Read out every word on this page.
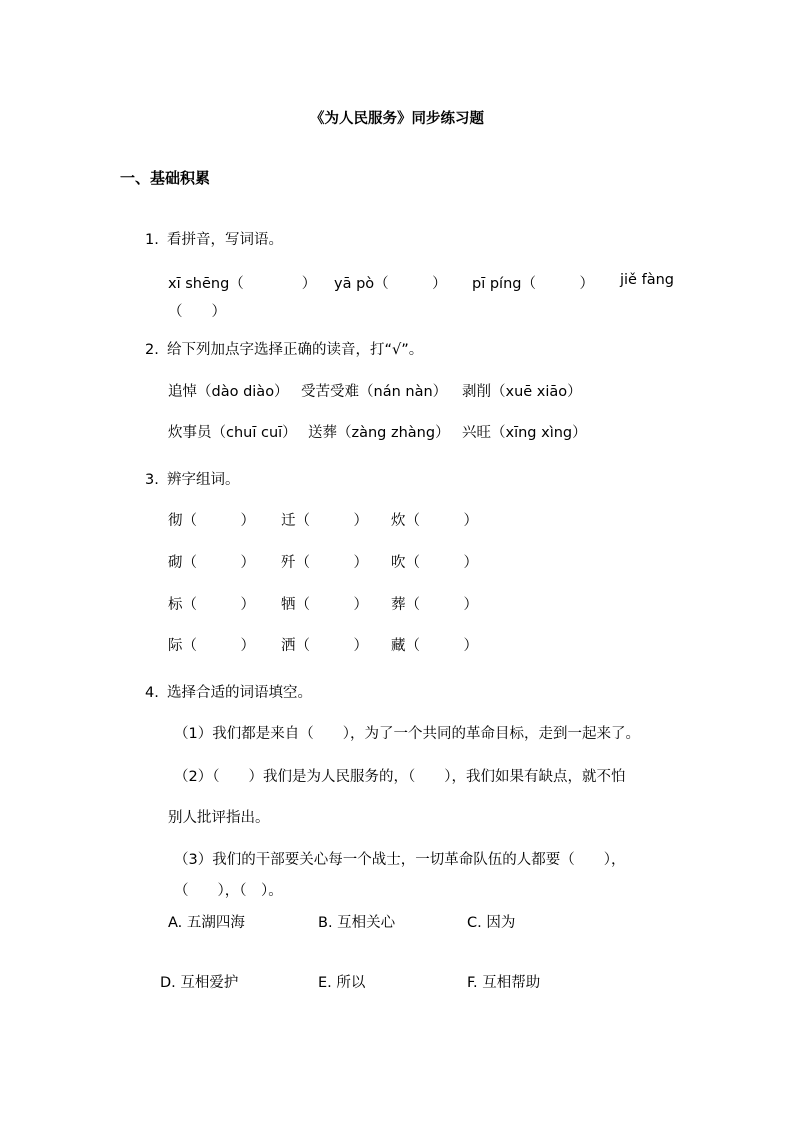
《为人民服务》同步练习题
一、基础积累
1. 看拼音，写词语。
xī shēng（　　　　） yā pò（　　　） pī píng（　　　） jiě fàng
（　　）
2. 给下列加点字选择正确的读音，打“√”。
追悼（dào diào） 受苦受难（nán nàn） 剥削（xuē xiāo）
炊事员（chuī cuī） 送葬（zàng zhàng） 兴旺（xīng xìng）
3. 辨字组词。
彻（　　　） 迁（　　　） 炊（　　　）
砌（　　　） 歼（　　　） 吹（　　　）
标（　　　） 牺（　　　） 葬（　　　）
际（　　　） 洒（　　　） 藏（　　　）
4. 选择合适的词语填空。
（1）我们都是来自（　　），为了一个共同的革命目标，走到一起来了。
（2）（　　）我们是为人民服务的，（　　），我们如果有缺点，就不怕
别人批评指出。
（3）我们的干部要关心每一个战士，一切革命队伍的人都要（　　），
（　　），（　）。
A. 五湖四海	B. 互相关心	C. 因为
D. 互相爱护	E. 所以	F. 互相帮助
